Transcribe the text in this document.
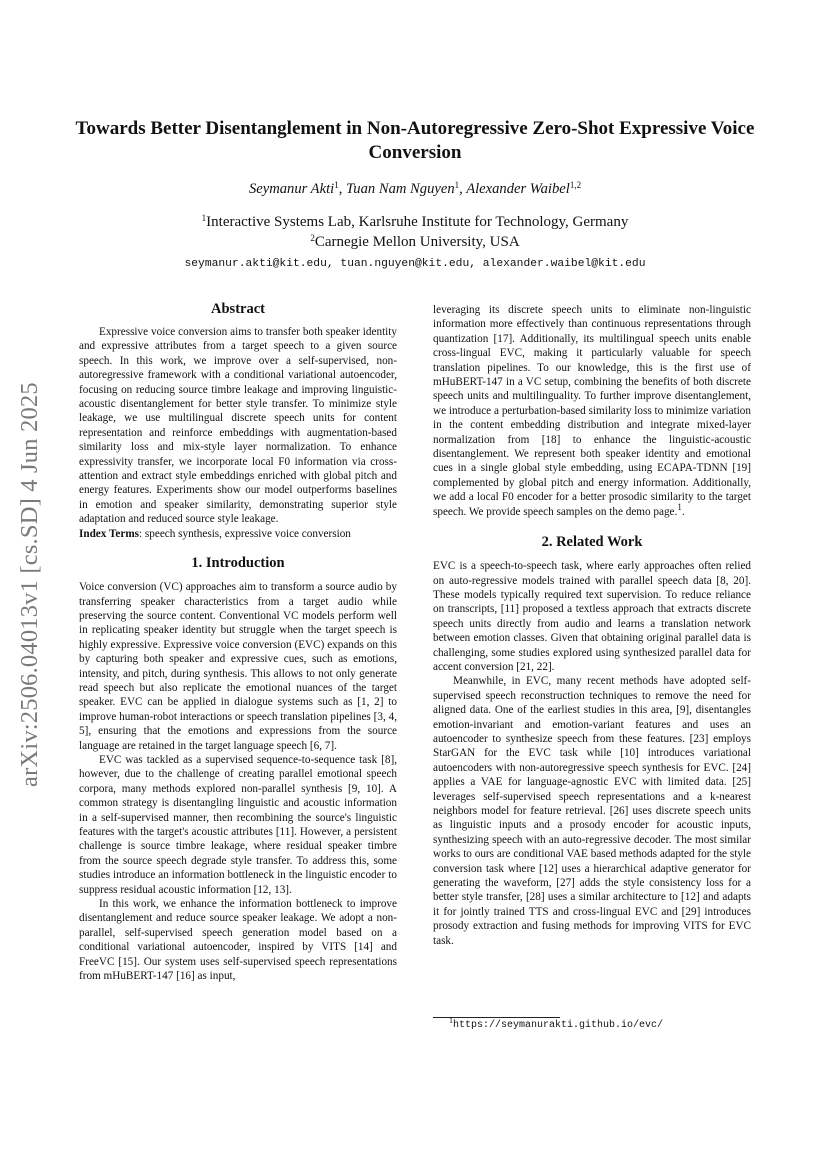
arXiv:2506.04013v1 [cs.SD] 4 Jun 2025
Towards Better Disentanglement in Non-Autoregressive Zero-Shot Expressive Voice Conversion
Seymanur Akti$^1$, Tuan Nam Nguyen$^1$, Alexander Waibel$^{1,2}$
$^1$Interactive Systems Lab, Karlsruhe Institute for Technology, Germany
$^2$Carnegie Mellon University, USA
seymanur.akti@kit.edu, tuan.nguyen@kit.edu, alexander.waibel@kit.edu
Abstract

Expressive voice conversion aims to transfer both speaker identity and expressive attributes from a target speech to a given source speech. In this work, we improve over a self-supervised, non-autoregressive framework with a conditional variational autoencoder, focusing on reducing source timbre leakage and improving linguistic-acoustic disentanglement for better style transfer. To minimize style leakage, we use multilingual discrete speech units for content representation and reinforce embeddings with augmentation-based similarity loss and mix-style layer normalization. To enhance expressivity transfer, we incorporate local F0 information via cross-attention and extract style embeddings enriched with global pitch and energy features. Experiments show our model outperforms baselines in emotion and speaker similarity, demonstrating superior style adaptation and reduced source style leakage.

Index Terms: speech synthesis, expressive voice conversion

1. Introduction

Voice conversion (VC) approaches aim to transform a source audio by transferring speaker characteristics from a target audio while preserving the source content. Conventional VC models perform well in replicating speaker identity but struggle when the target speech is highly expressive. Expressive voice conversion (EVC) expands on this by capturing both speaker and expressive cues, such as emotions, intensity, and pitch, during synthesis. This allows to not only generate read speech but also replicate the emotional nuances of the target speaker. EVC can be applied in dialogue systems such as [1, 2] to improve human-robot interactions or speech translation pipelines [3, 4, 5], ensuring that the emotions and expressions from the source language are retained in the target language speech [6, 7].

EVC was tackled as a supervised sequence-to-sequence task [8], however, due to the challenge of creating parallel emotional speech corpora, many methods explored non-parallel synthesis [9, 10]. A common strategy is disentangling linguistic and acoustic information in a self-supervised manner, then recombining the source's linguistic features with the target's acoustic attributes [11]. However, a persistent challenge is source timbre leakage, where residual speaker timbre from the source speech degrade style transfer. To address this, some studies introduce an information bottleneck in the linguistic encoder to suppress residual acoustic information [12, 13].

In this work, we enhance the information bottleneck to improve disentanglement and reduce source speaker leakage. We adopt a non-parallel, self-supervised speech generation model based on a conditional variational autoencoder, inspired by VITS [14] and FreeVC [15]. Our system uses self-supervised speech representations from mHuBERT-147 [16] as input,

leveraging its discrete speech units to eliminate non-linguistic information more effectively than continuous representations through quantization [17]. Additionally, its multilingual speech units enable cross-lingual EVC, making it particularly valuable for speech translation pipelines. To our knowledge, this is the first use of mHuBERT-147 in a VC setup, combining the benefits of both discrete speech units and multilinguality. To further improve disentanglement, we introduce a perturbation-based similarity loss to minimize variation in the content embedding distribution and integrate mixed-layer normalization from [18] to enhance the linguistic-acoustic disentanglement. We represent both speaker identity and emotional cues in a single global style embedding, using ECAPA-TDNN [19] complemented by global pitch and energy information. Additionally, we add a local F0 encoder for a better prosodic similarity to the target speech. We provide speech samples on the demo page.$^1$.

2. Related Work

EVC is a speech-to-speech task, where early approaches often relied on auto-regressive models trained with parallel speech data [8, 20]. These models typically required text supervision. To reduce reliance on transcripts, [11] proposed a textless approach that extracts discrete speech units directly from audio and learns a translation network between emotion classes. Given that obtaining original parallel data is challenging, some studies explored using synthesized parallel data for accent conversion [21, 22].

Meanwhile, in EVC, many recent methods have adopted self-supervised speech reconstruction techniques to remove the need for aligned data. One of the earliest studies in this area, [9], disentangles emotion-invariant and emotion-variant features and uses an autoencoder to synthesize speech from these features. [23] employs StarGAN for the EVC task while [10] introduces variational autoencoders with non-autoregressive speech synthesis for EVC. [24] applies a VAE for language-agnostic EVC with limited data. [25] leverages self-supervised speech representations and a k-nearest neighbors model for feature retrieval. [26] uses discrete speech units as linguistic inputs and a prosody encoder for acoustic inputs, synthesizing speech with an auto-regressive decoder. The most similar works to ours are conditional VAE based methods adapted for the style conversion task where [12] uses a hierarchical adaptive generator for generating the waveform, [27] adds the style consistency loss for a better style transfer, [28] uses a similar architecture to [12] and adapts it for jointly trained TTS and cross-lingual EVC and [29] introduces prosody extraction and fusing methods for improving VITS for EVC task.

$^1$https://seymanurakti.github.io/evc/
